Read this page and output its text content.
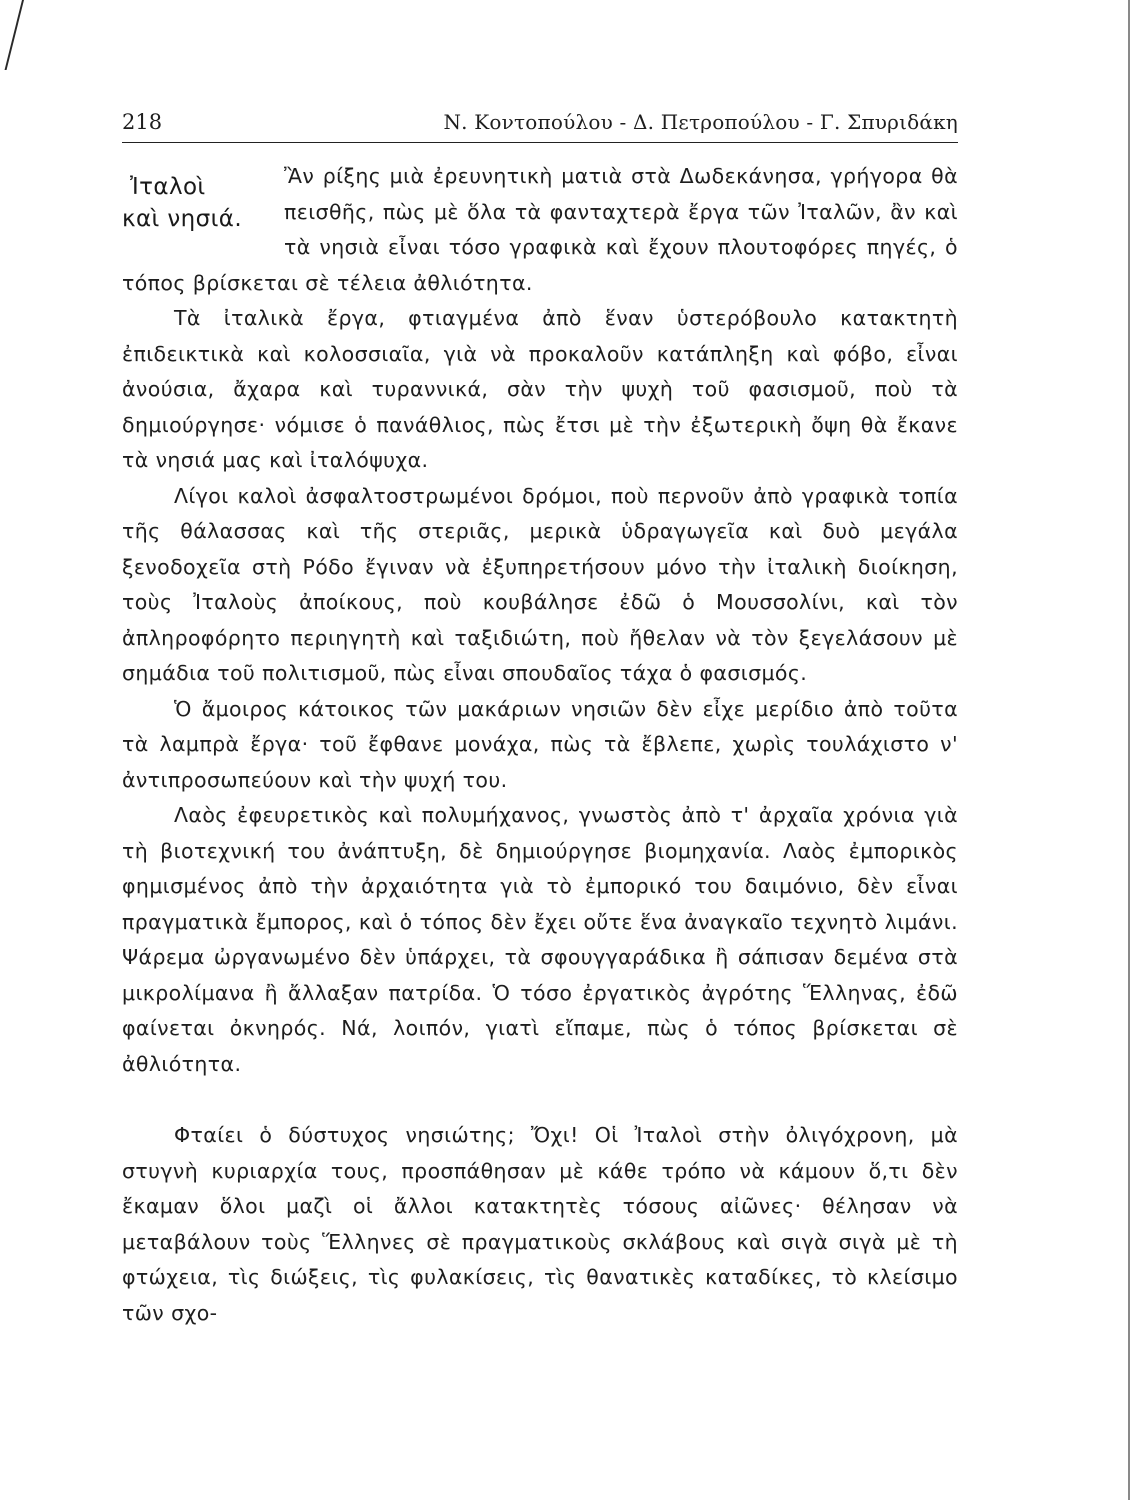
218	Ν. Κοντοπούλου - Δ. Πετροπούλου - Γ. Σπυριδάκη
Ἰταλοὶ
καὶ νησιά.

Ἂν ρίξης μιὰ ἐρευνητικὴ ματιὰ στὰ Δωδεκάνησα, γρήγορα θὰ πεισθῆς, πὼς μὲ ὅλα τὰ φανταχτερὰ ἔργα τῶν Ἰταλῶν, ἂν καὶ τὰ νησιὰ εἶναι τόσο γραφικὰ καὶ ἔχουν πλουτοφόρες πηγές, ὁ τόπος βρίσκεται σὲ τέλεια ἀθλιότητα.

Τὰ ἰταλικὰ ἔργα, φτιαγμένα ἀπὸ ἕναν ὑστερόβουλο κατακτητὴ ἐπιδεικτικὰ καὶ κολοσσιαῖα, γιὰ νὰ προκαλοῦν κατάπληξη καὶ φόβο, εἶναι ἀνούσια, ἄχαρα καὶ τυραννικά, σὰν τὴν ψυχὴ τοῦ φασισμοῦ, ποὺ τὰ δημιούργησε· νόμισε ὁ πανάθλιος, πὼς ἔτσι μὲ τὴν ἐξωτερικὴ ὄψη θὰ ἔκανε τὰ νησιά μας καὶ ἰταλόψυχα.

Λίγοι καλοὶ ἀσφαλτοστρωμένοι δρόμοι, ποὺ περνοῦν ἀπὸ γραφικὰ τοπία τῆς θάλασσας καὶ τῆς στεριᾶς, μερικὰ ὑδραγωγεῖα καὶ δυὸ μεγάλα ξενοδοχεῖα στὴ Ρόδο ἔγιναν νὰ ἐξυπηρετήσουν μόνο τὴν ἰταλικὴ διοίκηση, τοὺς Ἰταλοὺς ἀποίκους, ποὺ κουβάλησε ἐδῶ ὁ Μουσσολίνι, καὶ τὸν ἀπληροφόρητο περιηγητὴ καὶ ταξιδιώτη, ποὺ ἤθελαν νὰ τὸν ξεγελάσουν μὲ σημάδια τοῦ πολιτισμοῦ, πὼς εἶναι σπουδαῖος τάχα ὁ φασισμός.

Ὁ ἄμοιρος κάτοικος τῶν μακάριων νησιῶν δὲν εἶχε μερίδιο ἀπὸ τοῦτα τὰ λαμπρὰ ἔργα· τοῦ ἔφθανε μονάχα, πὼς τὰ ἔβλεπε, χωρὶς τουλάχιστο ν' ἀντιπροσωπεύουν καὶ τὴν ψυχή του.

Λαὸς ἐφευρετικὸς καὶ πολυμήχανος, γνωστὸς ἀπὸ τ' ἀρχαῖα χρόνια γιὰ τὴ βιοτεχνική του ἀνάπτυξη, δὲ δημιούργησε βιομηχανία. Λαὸς ἐμπορικὸς φημισμένος ἀπὸ τὴν ἀρχαιότητα γιὰ τὸ ἐμπορικό του δαιμόνιο, δὲν εἶναι πραγματικὰ ἔμπορος, καὶ ὁ τόπος δὲν ἔχει οὔτε ἕνα ἀναγκαῖο τεχνητὸ λιμάνι. Ψάρεμα ὠργανωμένο δὲν ὑπάρχει, τὰ σφουγγαράδικα ἢ σάπισαν δεμένα στὰ μικρολίμανα ἢ ἄλλαξαν πατρίδα. Ὁ τόσο ἐργατικὸς ἀγρότης Ἕλληνας, ἐδῶ φαίνεται ὀκνηρός. Νά, λοιπόν, γιατὶ εἴπαμε, πὼς ὁ τόπος βρίσκεται σὲ ἀθλιότητα.

Φταίει ὁ δύστυχος νησιώτης; Ὄχι! Οἱ Ἰταλοὶ στὴν ὀλιγόχρονη, μὰ στυγνὴ κυριαρχία τους, προσπάθησαν μὲ κάθε τρόπο νὰ κάμουν ὅ,τι δὲν ἔκαμαν ὅλοι μαζὶ οἱ ἄλλοι κατακτητὲς τόσους αἰῶνες· θέλησαν νὰ μεταβάλουν τοὺς Ἕλληνες σὲ πραγματικοὺς σκλάβους καὶ σιγὰ σιγὰ μὲ τὴ φτώχεια, τὶς διώξεις, τὶς φυλακίσεις, τὶς θανατικὲς καταδίκες, τὸ κλείσιμο τῶν σχο-
